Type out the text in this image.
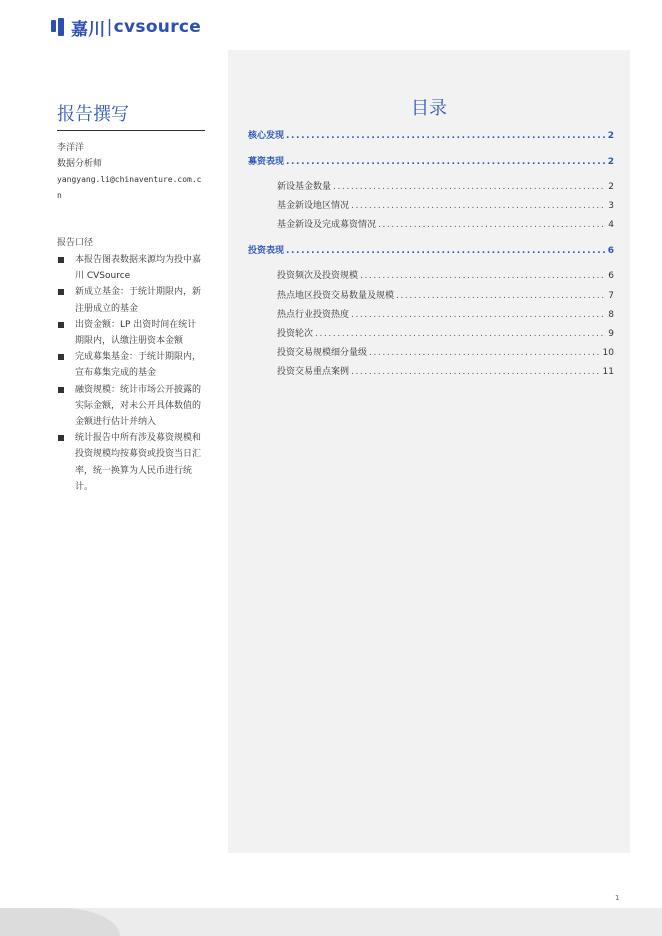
嘉川 | cvsource
报告撰写
李洋洋
数据分析师
yangyang.li@chinaventure.com.cn
报告口径
本报告图表数据来源均为投中嘉川 CVSource
新成立基金：于统计期限内，新注册成立的基金
出资金额：LP 出资时间在统计期限内，认缴注册资本金额
完成募集基金：于统计期限内，宣布募集完成的基金
融资规模：统计市场公开披露的实际金额，对未公开具体数值的金额进行估计并纳入
统计报告中所有涉及募资规模和投资规模均按募资或投资当日汇率，统一换算为人民币进行统计。
目录
核心发现 .....	2
募资表现 .....	2
新设基金数量 .....	2
基金新设地区情况 .....	3
基金新设及完成募资情况 .....	4
投资表现 .....	6
投资频次及投资规模 .....	6
热点地区投资交易数量及规模 .....	7
热点行业投资热度 .....	8
投资轮次 .....	9
投资交易规模细分量级 .....	10
投资交易重点案例 .....	11
1
